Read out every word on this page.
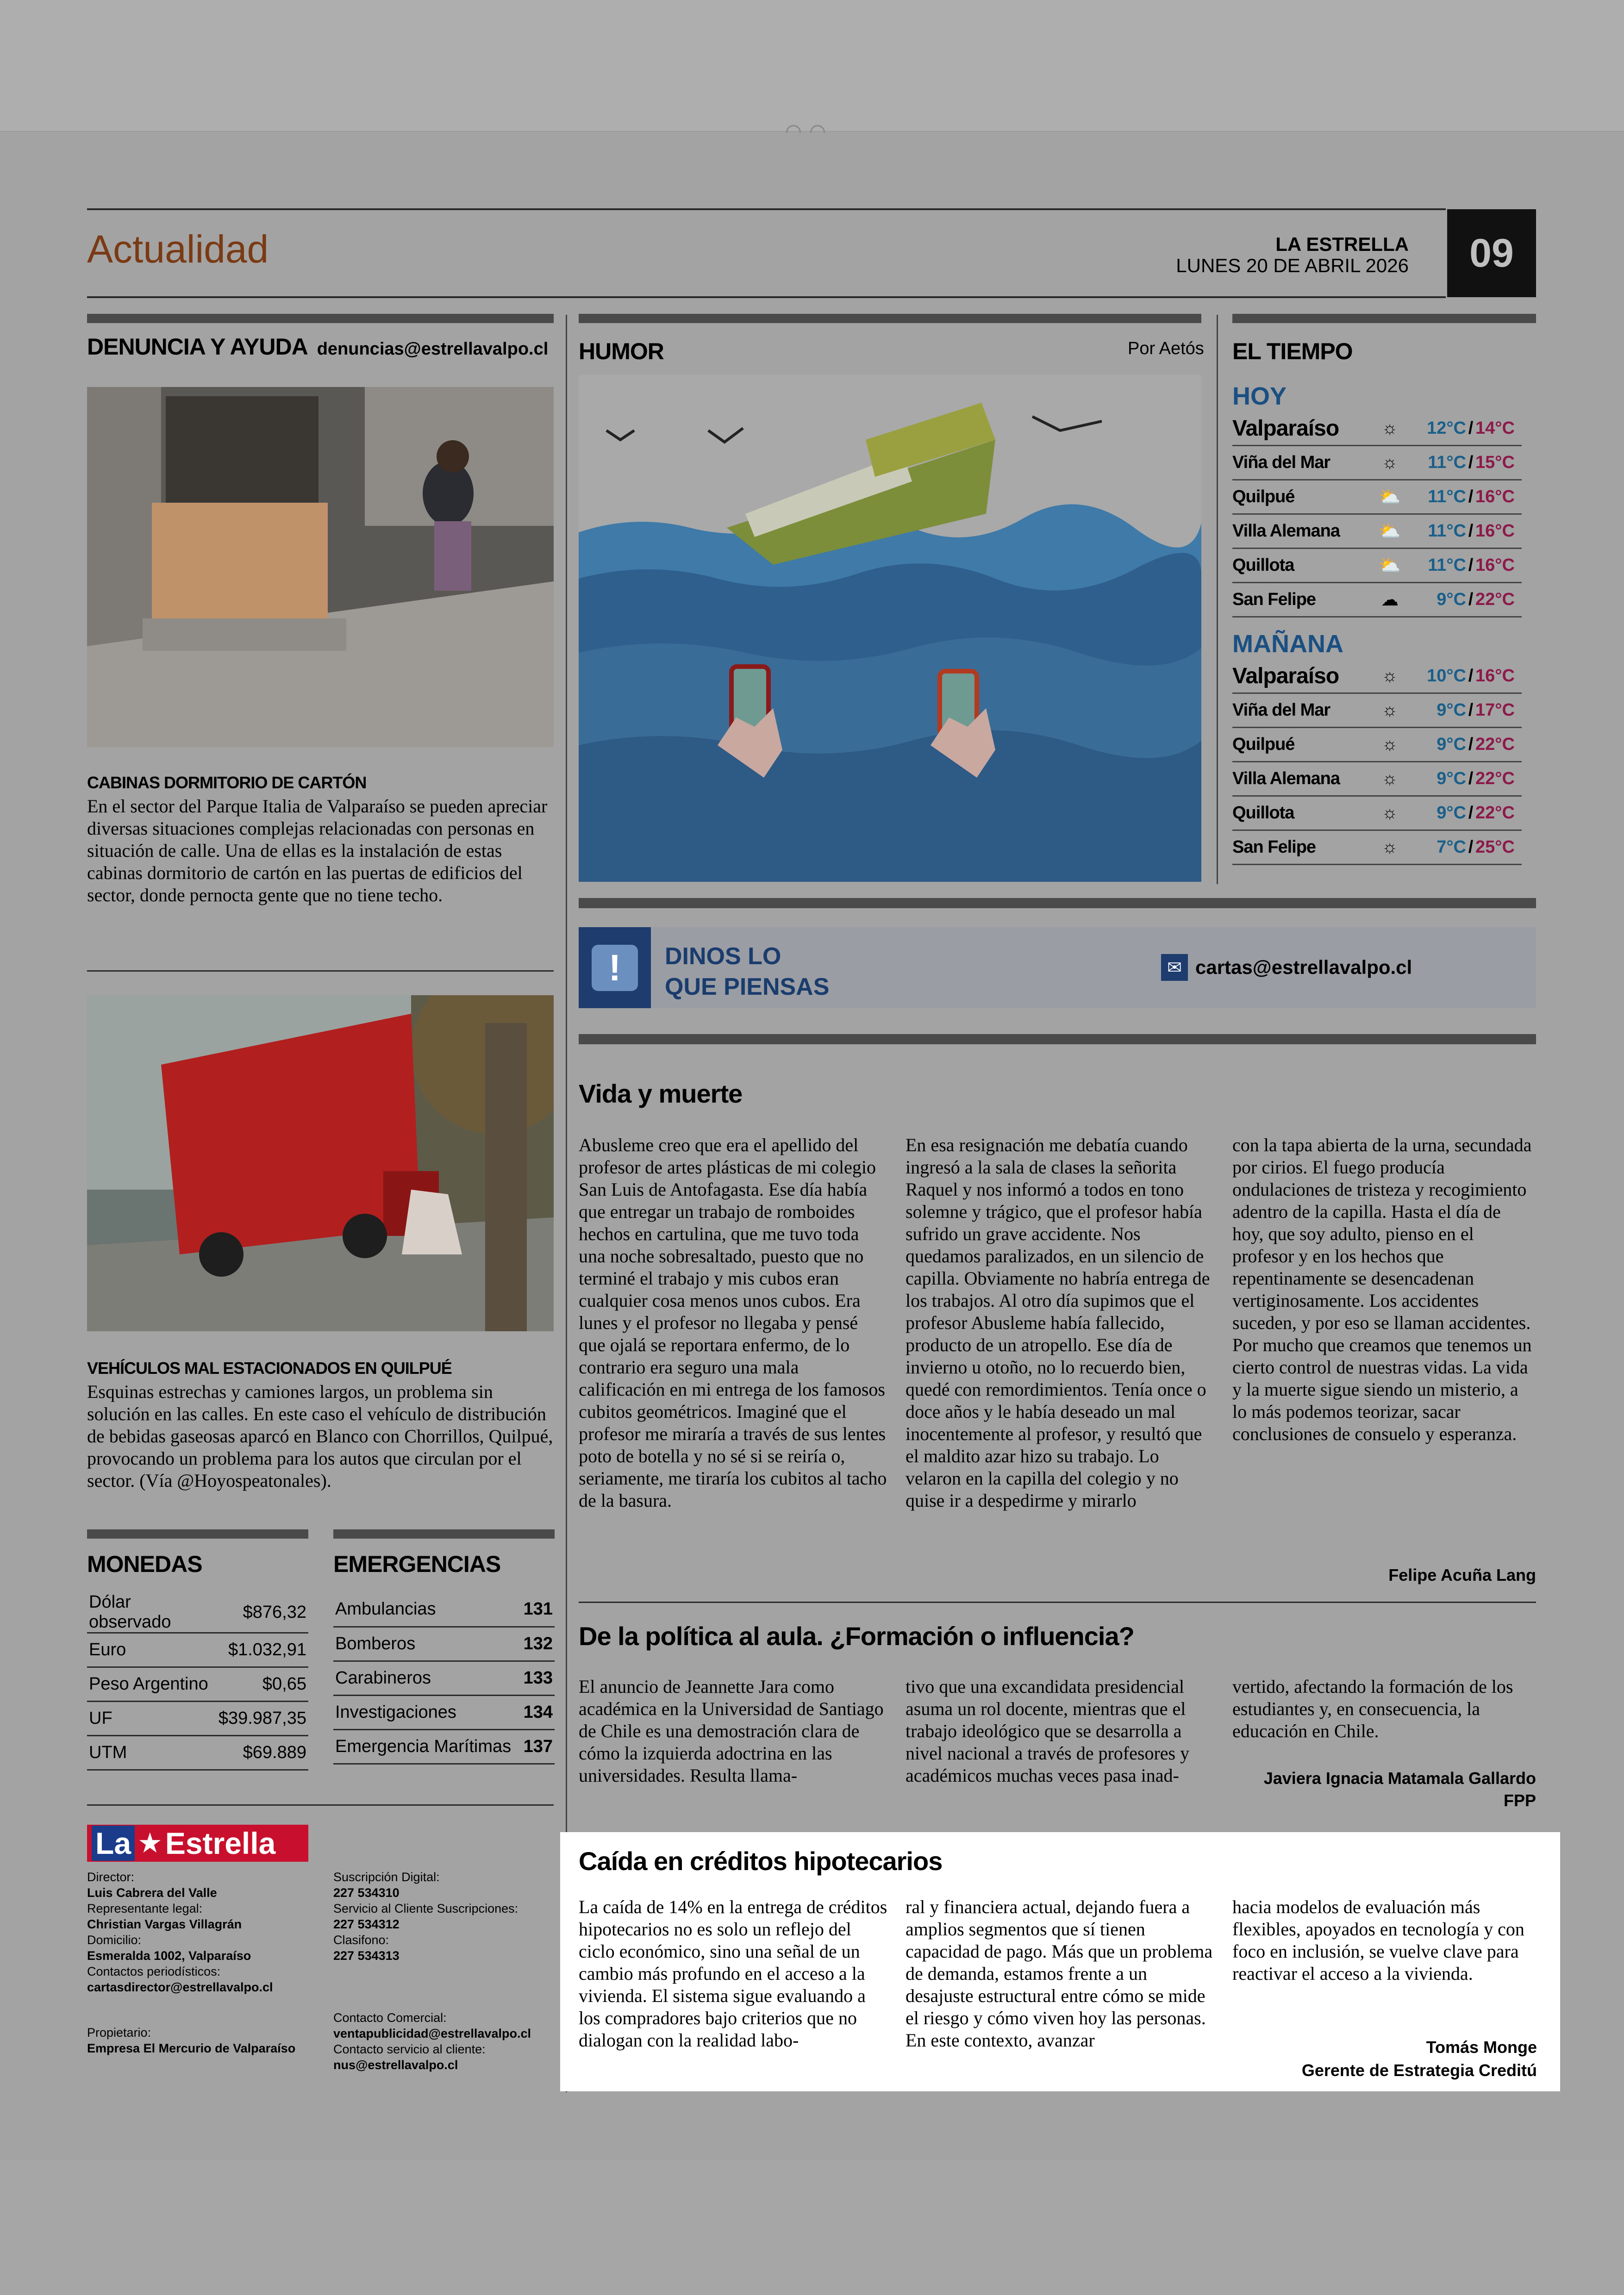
Actualidad	LA ESTRELLA
LUNES 20 DE ABRIL 2026	09
DENUNCIA Y AYUDA denuncias@estrellavalpo.cl
CABINAS DORMITORIO DE CARTÓN
En el sector del Parque Italia de Valparaíso se pueden apreciar diversas situaciones complejas relacionadas con personas en situación de calle. Una de ellas es la instalación de estas cabinas dormitorio de cartón en las puertas de edificios del sector, donde pernocta gente que no tiene techo.
VEHÍCULOS MAL ESTACIONADOS EN QUILPUÉ
Esquinas estrechas y camiones largos, un problema sin solución en las calles. En este caso el vehículo de distribución de bebidas gaseosas aparcó en Blanco con Chorrillos, Quilpué, provocando un problema para los autos que circulan por el sector. (Vía @Hoyospeatonales).
MONEDAS
Dólar observado	$876,32
Euro	$1.032,91
Peso Argentino	$0,65
UF	$39.987,35
UTM	$69.889
EMERGENCIAS
Ambulancias	131
Bomberos	132
Carabineros	133
Investigaciones	134
Emergencia Marítimas	137
La ★ Estrella
Director:
Luis Cabrera del Valle
Representante legal:
Christian Vargas Villagrán
Domicilio:
Esmeralda 1002, Valparaíso
Contactos periodísticos:
cartasdirector@estrellavalpo.cl
Propietario:
Empresa El Mercurio de Valparaíso
Suscripción Digital:
227 534310
Servicio al Cliente Suscripciones:
227 534312
Clasifono:
227 534313
Contacto Comercial:
ventapublicidad@estrellavalpo.cl
Contacto servicio al cliente:
nus@estrellavalpo.cl
HUMOR	Por Aetós EL TIEMPO
HOY
Valparaíso	☼	12°C / 14°C
Viña del Mar	☼	11°C / 15°C
Quilpué	⛅	11°C / 16°C
Villa Alemana	⛅	11°C / 16°C
Quillota	⛅	11°C / 16°C
San Felipe	☁	9°C / 22°C
MAÑANA
Valparaíso	☼	10°C / 16°C
Viña del Mar	☼	9°C / 17°C
Quilpué	☼	9°C / 22°C
Villa Alemana	☼	9°C / 22°C
Quillota	☼	9°C / 22°C
San Felipe	☼	7°C / 25°C
!	DINOS LO
QUE PIENSAS
✉ cartas@estrellavalpo.cl
Vida y muerte
Abusleme creo que era el apellido del profesor de artes plásticas de mi colegio San Luis de Antofagasta. Ese día había que entregar un trabajo de romboides hechos en cartulina, que me tuvo toda una noche sobresaltado, puesto que no terminé el trabajo y mis cubos eran cualquier cosa menos unos cubos. Era lunes y el profesor no llegaba y pensé que ojalá se reportara enfermo, de lo contrario era seguro una mala calificación en mi entrega de los famosos cubitos geométricos. Imaginé que el profesor me miraría a través de sus lentes poto de botella y no sé si se reiría o, seriamente, me tiraría los cubitos al tacho de la basura.
En esa resignación me debatía cuando ingresó a la sala de clases la señorita Raquel y nos informó a todos en tono solemne y trágico, que el profesor había sufrido un grave accidente. Nos quedamos paralizados, en un silencio de capilla. Obviamente no habría entrega de los trabajos. Al otro día supimos que el profesor Abusleme había fallecido, producto de un atropello. Ese día de invierno u otoño, no lo recuerdo bien, quedé con remordimientos. Tenía once o doce años y le había deseado un mal inocentemente al profesor, y resultó que el maldito azar hizo su trabajo. Lo velaron en la capilla del colegio y no quise ir a despedirme y mirarlo
con la tapa abierta de la urna, secundada por cirios. El fuego producía ondulaciones de tristeza y recogimiento adentro de la capilla. Hasta el día de hoy, que soy adulto, pienso en el profesor y en los hechos que repentinamente se desencadenan vertiginosamente. Los accidentes suceden, y por eso se llaman accidentes. Por mucho que creamos que tenemos un cierto control de nuestras vidas. La vida y la muerte sigue siendo un misterio, a lo más podemos teorizar, sacar conclusiones de consuelo y esperanza.
Felipe Acuña Lang
De la política al aula. ¿Formación o influencia?
El anuncio de Jeannette Jara como académica en la Universidad de Santiago de Chile es una demostración clara de cómo la izquierda adoctrina en las universidades. Resulta llama-
tivo que una excandidata presidencial asuma un rol docente, mientras que el trabajo ideológico que se desarrolla a nivel nacional a través de profesores y académicos muchas veces pasa inad-
vertido, afectando la formación de los estudiantes y, en consecuencia, la educación en Chile.
Javiera Ignacia Matamala Gallardo
FPP
Caída en créditos hipotecarios
La caída de 14% en la entrega de créditos hipotecarios no es solo un reflejo del ciclo económico, sino una señal de un cambio más profundo en el acceso a la vivienda. El sistema sigue evaluando a los compradores bajo criterios que no dialogan con la realidad labo-
ral y financiera actual, dejando fuera a amplios segmentos que sí tienen capacidad de pago. Más que un problema de demanda, estamos frente a un desajuste estructural entre cómo se mide el riesgo y cómo viven hoy las personas. En este contexto, avanzar
hacia modelos de evaluación más flexibles, apoyados en tecnología y con foco en inclusión, se vuelve clave para reactivar el acceso a la vivienda.
Tomás Monge
Gerente de Estrategia Creditú
